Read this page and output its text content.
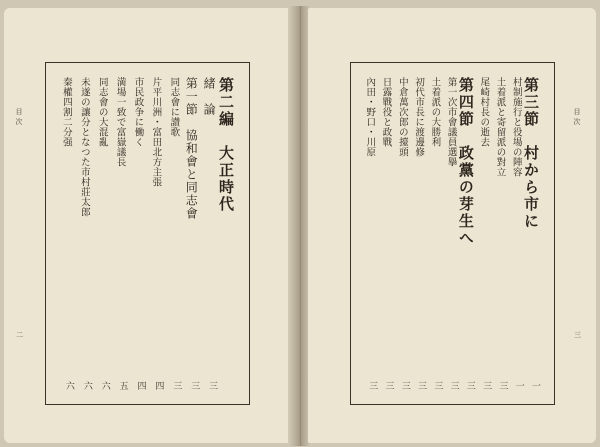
目次
二
第二編　大正時代
緒　論
三
第一節　協和會と同志會
三
同志會に讃歌
三
片平川洲・富田北方主張
四
市民政争に働く
四
満場一致で富嶽議長
五
同志會の大混亂
六
未遂の讓分となつた市村莊太郎
六
秦權四割二分强
六
目次
三
第三節　村から市に
一
村制施行と役場の陣容
一
土着派と寄留派の對立
三
尾崎村長の逝去
三
第四節　政黨の芽生へ
三
第一次市會議員選擧
三
土着派の大勝利
三
初代市長に渡邊修
三
中倉萬次郎の擡頭
三
日露戰役と政戰
三
內田・野口・川原
三
